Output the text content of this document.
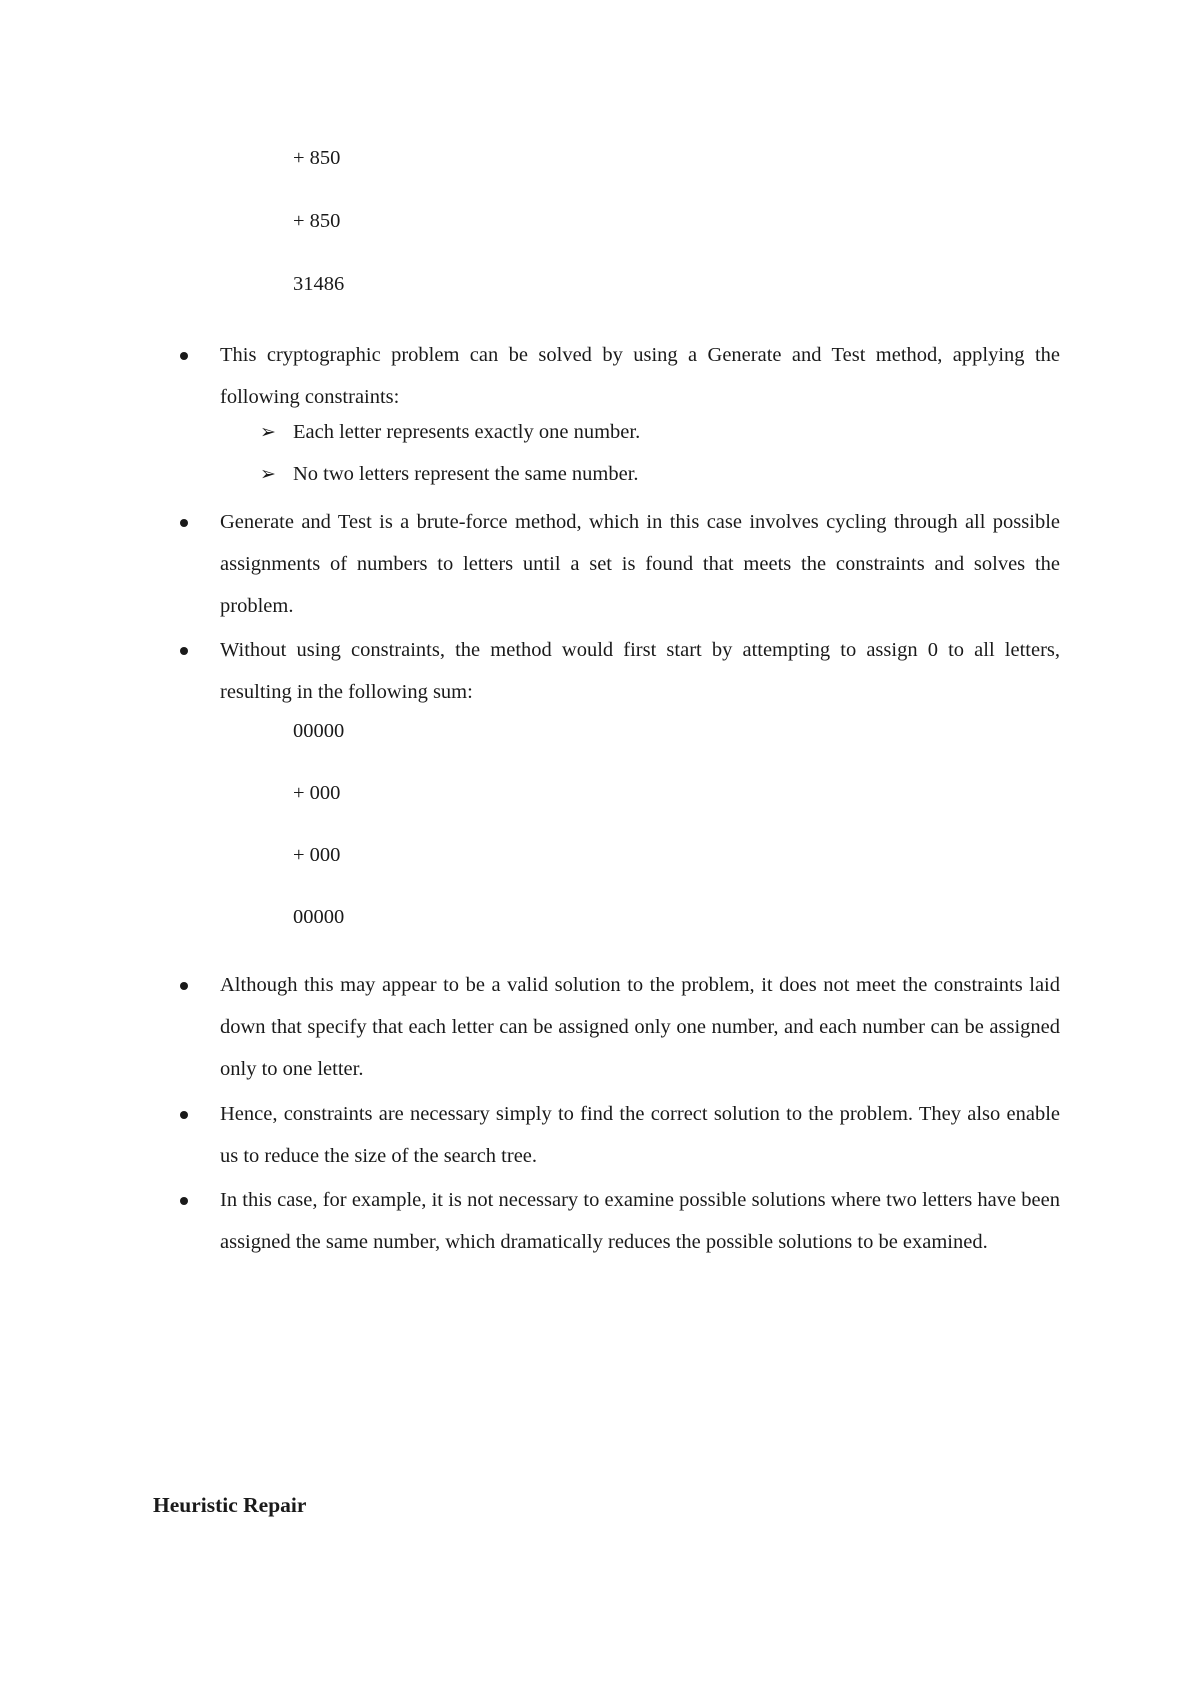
+ 850
+ 850
31486
This cryptographic problem can be solved by using a Generate and Test method, applying the following constraints:
➢ Each letter represents exactly one number.
➢ No two letters represent the same number.
Generate and Test is a brute-force method, which in this case involves cycling through all possible assignments of numbers to letters until a set is found that meets the constraints and solves the problem.
Without using constraints, the method would first start by attempting to assign 0 to all letters, resulting in the following sum:
00000
+ 000
+ 000
00000
Although this may appear to be a valid solution to the problem, it does not meet the constraints laid down that specify that each letter can be assigned only one number, and each number can be assigned only to one letter.
Hence, constraints are necessary simply to find the correct solution to the problem. They also enable us to reduce the size of the search tree.
In this case, for example, it is not necessary to examine possible solutions where two letters have been assigned the same number, which dramatically reduces the possible solutions to be examined.
Heuristic Repair
